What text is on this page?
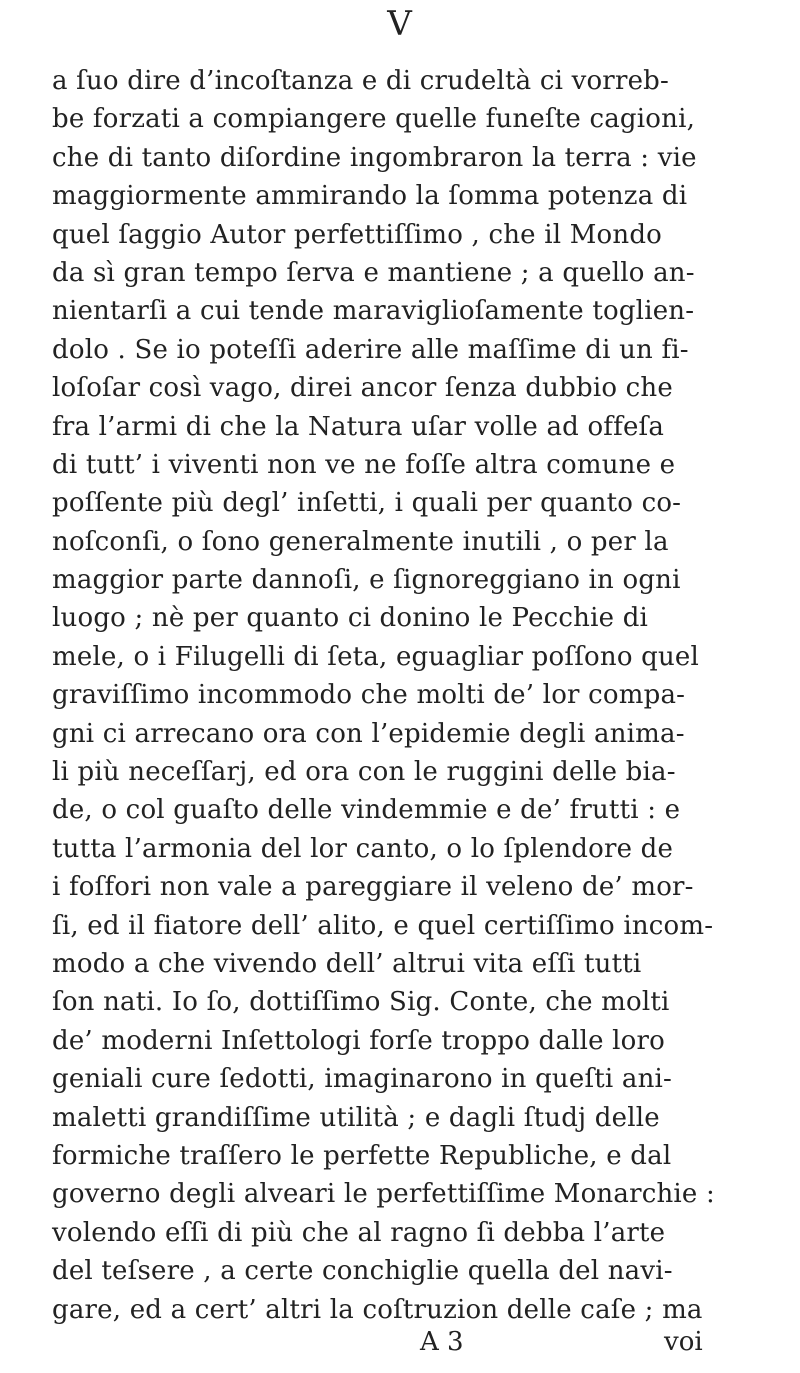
V
a ſuo dire d’incoſtanza e di crudeltà ci vorreb-
be forzati a compiangere quelle funeſte cagioni,
che di tanto diſordine ingombraron la terra : vie
maggiormente ammirando la ſomma potenza di
quel ſaggio Autor perfettiſſimo , che il Mondo
da sì gran tempo ſerva e mantiene ; a quello an-
nientarſi a cui tende maraviglioſamente toglien-
dolo . Se io poteſſi aderire alle maſſime di un fi-
loſoſar così vago, direi ancor ſenza dubbio che
fra l’armi di che la Natura uſar volle ad offeſa
di tutt’ i viventi non ve ne foſſe altra comune e
poſſente più degl’ inſetti, i quali per quanto co-
noſconſi, o ſono generalmente inutili , o per la
maggior parte dannoſi, e ſignoreggiano in ogni
luogo ; nè per quanto ci donino le Pecchie di
mele, o i Filugelli di ſeta, eguagliar poſſono quel
graviſſimo incommodo che molti de’ lor compa-
gni ci arrecano ora con l’epidemie degli anima-
li più neceſſarj, ed ora con le ruggini delle bia-
de, o col guaſto delle vindemmie e de’ frutti : e
tutta l’armonia del lor canto, o lo ſplendore de
i foſfori non vale a pareggiare il veleno de’ mor-
ſi, ed il fiatore dell’ alito, e quel certiſſimo incom-
modo a che vivendo dell’ altrui vita eſſi tutti
ſon nati. Io ſo, dottiſſimo Sig. Conte, che molti
de’ moderni Inſettologi forſe troppo dalle loro
geniali cure ſedotti, imaginarono in queſti ani-
maletti grandiſſime utilità ; e dagli ſtudj delle
formiche traſſero le perfette Republiche, e dal
governo degli alveari le perfettiſſime Monarchie :
volendo eſſi di più che al ragno ſi debba l’arte
del teſsere , a certe conchiglie quella del navi-
gare, ed a cert’ altri la coſtruzion delle caſe ; ma
A 3	voi
